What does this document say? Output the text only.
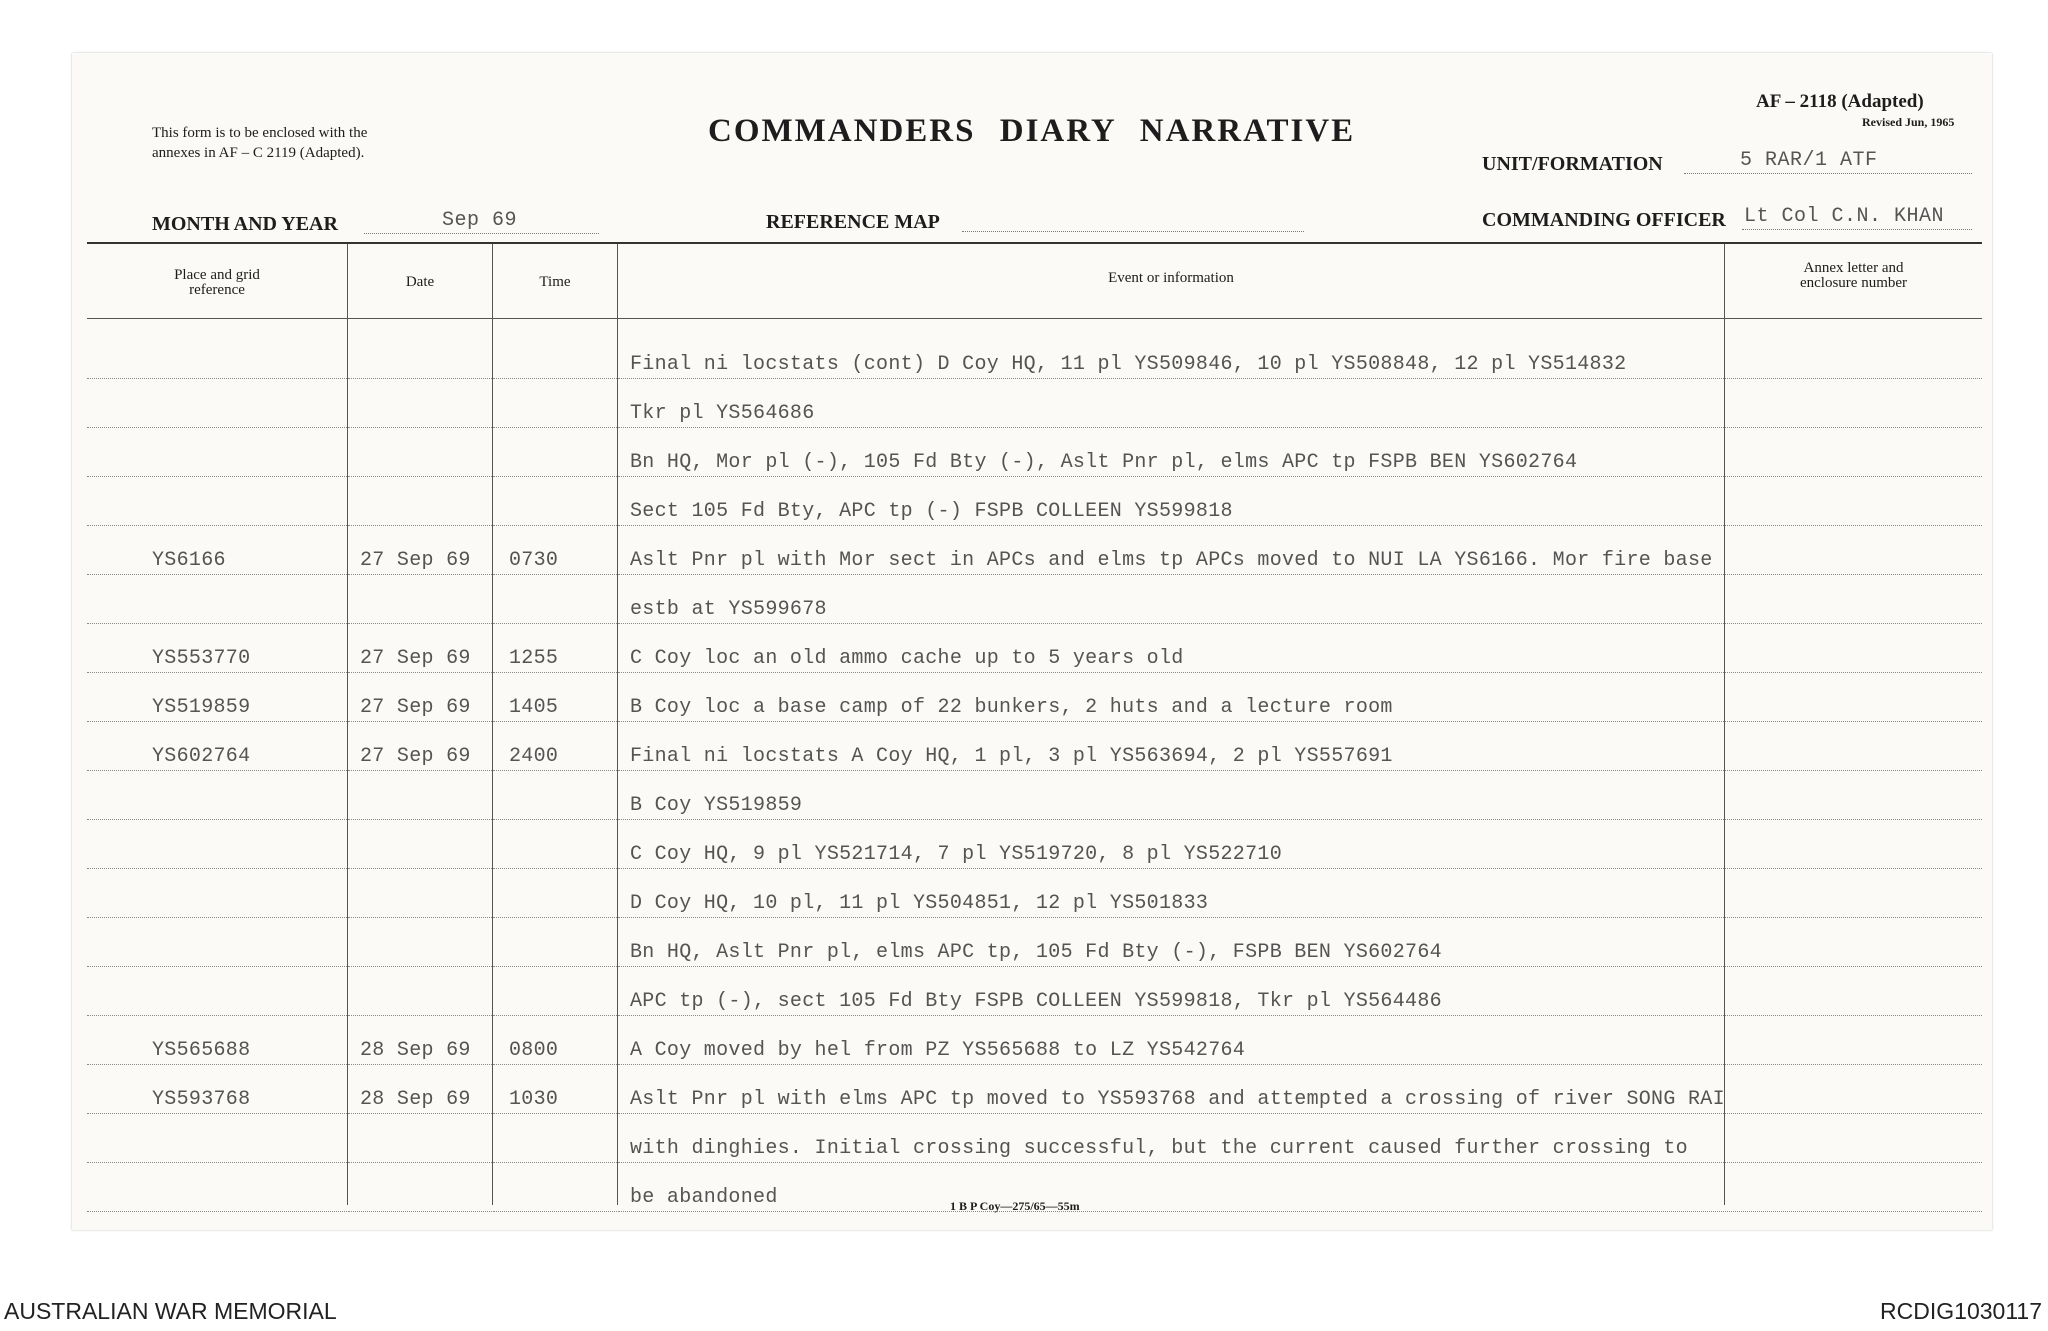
This form is to be enclosed with the
annexes in AF – C 2119 (Adapted).
COMMANDERS DIARY NARRATIVE
AF – 2118 (Adapted)
Revised Jun, 1965
UNIT/FORMATION	5 RAR/1 ATF
MONTH AND YEAR	Sep 69	REFERENCE MAP	COMMANDING OFFICER Lt Col C.N. KHAN
Place and grid
reference	Date	Time	Event or information
Annex letter and
enclosure number
Final ni locstats (cont) D Coy HQ, 11 pl YS509846, 10 pl YS508848, 12 pl YS514832
Tkr pl YS564686
Bn HQ, Mor pl (-), 105 Fd Bty (-), Aslt Pnr pl, elms APC tp FSPB BEN YS602764
Sect 105 Fd Bty, APC tp (-) FSPB COLLEEN YS599818
YS6166	27 Sep 69 0730	Aslt Pnr pl with Mor sect in APCs and elms tp APCs moved to NUI LA YS6166. Mor fire base
estb at YS599678
YS553770	27 Sep 69 1255	C Coy loc an old ammo cache up to 5 years old
YS519859	27 Sep 69 1405	B Coy loc a base camp of 22 bunkers, 2 huts and a lecture room
YS602764	27 Sep 69 2400	Final ni locstats A Coy HQ, 1 pl, 3 pl YS563694, 2 pl YS557691
B Coy YS519859
C Coy HQ, 9 pl YS521714, 7 pl YS519720, 8 pl YS522710
D Coy HQ, 10 pl, 11 pl YS504851, 12 pl YS501833
Bn HQ, Aslt Pnr pl, elms APC tp, 105 Fd Bty (-), FSPB BEN YS602764
APC tp (-), sect 105 Fd Bty FSPB COLLEEN YS599818, Tkr pl YS564486
YS565688	28 Sep 69 0800	A Coy moved by hel from PZ YS565688 to LZ YS542764
YS593768	28 Sep 69 1030	Aslt Pnr pl with elms APC tp moved to YS593768 and attempted a crossing of river SONG RAI
with dinghies. Initial crossing successful, but the current caused further crossing to
be abandoned	1 B P Coy—275/65—55m
AUSTRALIAN WAR MEMORIAL	RCDIG1030117
